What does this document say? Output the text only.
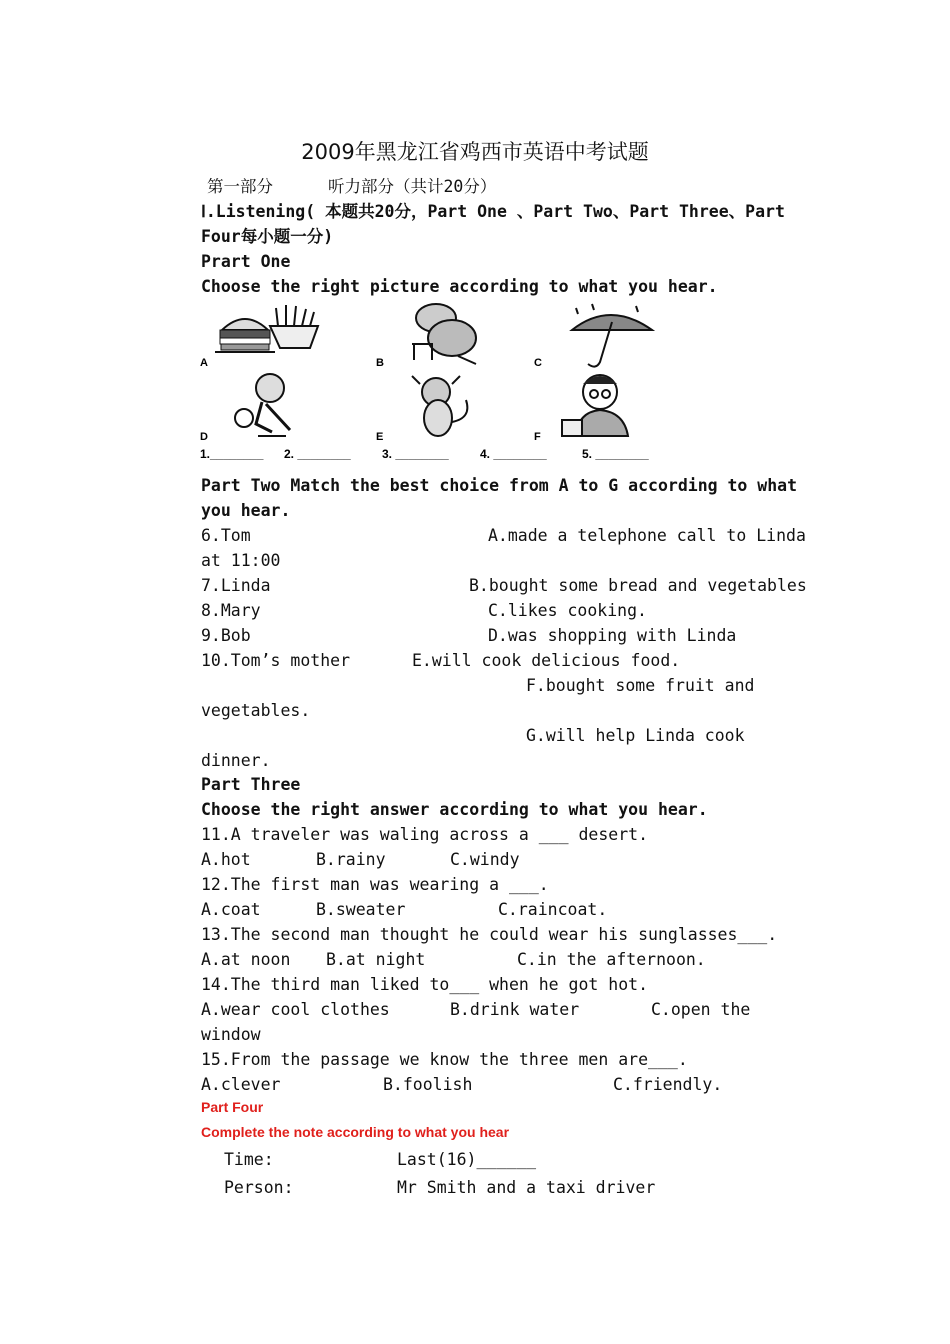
2009年黑龙江省鸡西市英语中考试题
第一部分	听力部分（共计20分）
Ⅰ.Listening( 本题共20分，Part One 、Part Two、Part Three、Part
Four每小题一分)
Prart One
Choose the right picture according to what you hear.
A	B	C
D	E	F
1.________ 2. ________	3. ________	4. ________	5. ________
Part Two Match the best choice from A to G according to what
you hear.
6.Tom	A.made a telephone call to Linda
at 11:00
7.Linda	B.bought some bread and vegetables
8.Mary	C.likes cooking.
9.Bob	D.was shopping with Linda
10.Tom’s mother	E.will cook delicious food.
F.bought some fruit and
vegetables.
G.will help Linda cook
dinner.
Part Three
Choose the right answer according to what you hear.
11.A traveler was waling across a ___ desert.
A.hot	B.rainy	C.windy
12.The first man was wearing a ___.
A.coat	B.sweater	C.raincoat.
13.The second man thought he could wear his sunglasses___.
A.at noon B.at night	C.in the afternoon.
14.The third man liked to___ when he got hot.
A.wear cool clothes	B.drink water	C.open the
window
15.From the passage we know the three men are___.
A.clever	B.foolish	C.friendly.
Part Four
Complete the note according to what you hear
Time:	Last(16)______
Person:	Mr Smith and a taxi driver
